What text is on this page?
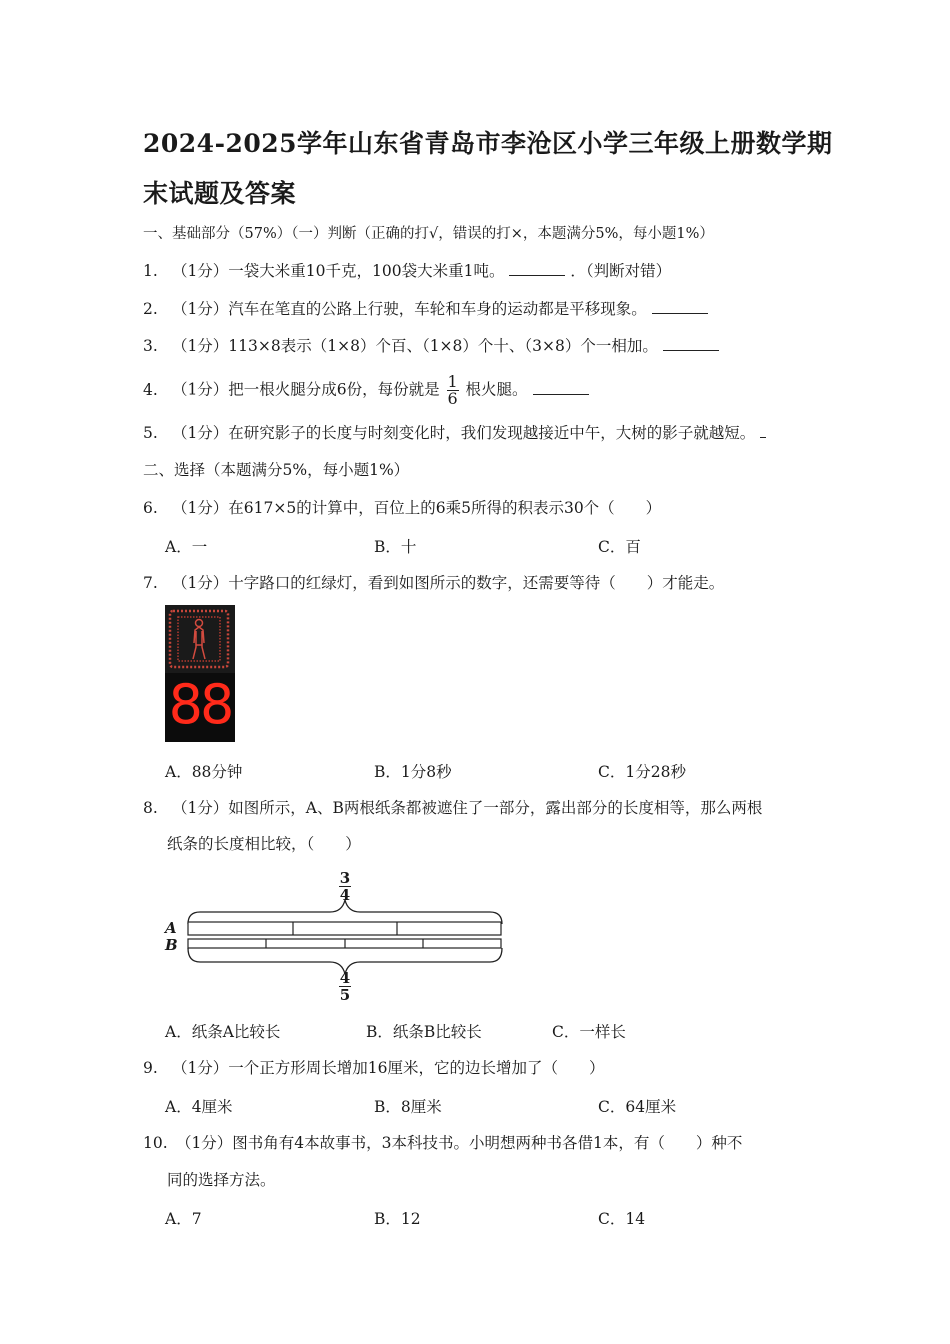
2024-2025学年山东省青岛市李沧区小学三年级上册数学期
末试题及答案
一、基础部分（57%）（一）判断（正确的打√，错误的打×，本题满分5%，每小题1%）
1. （1分）一袋大米重10千克，100袋大米重1吨。	．（判断对错）
2. （1分）汽车在笔直的公路上行驶，车轮和车身的运动都是平移现象。
3. （1分）113×8表示（1×8）个百、（1×8）个十、（3×8）个一相加。
4. （1分）把一根火腿分成6份，每份就是 $\frac{1}{6}$ 根火腿。
5. （1分）在研究影子的长度与时刻变化时，我们发现越接近中午，大树的影子就越短。
二、选择（本题满分5%，每小题1%）
6. （1分）在617×5的计算中，百位上的6乘5所得的积表示30个（　　）
A．一	B．十	C．百
7. （1分）十字路口的红绿灯，看到如图所示的数字，还需要等待（　　）才能走。
88
A．88分钟	B．1分8秒	C．1分28秒
8. （1分）如图所示，A、B两根纸条都被遮住了一部分，露出部分的长度相等，那么两根
纸条的长度相比较，（　　）
A
B
3
4
4
5
A．纸条A比较长	B．纸条B比较长	C．一样长
9. （1分）一个正方形周长增加16厘米，它的边长增加了（　　）
A．4厘米	B．8厘米	C．64厘米
10. （1分）图书角有4本故事书，3本科技书。小明想两种书各借1本，有（　　）种不
同的选择方法。
A．7	B．12	C．14
